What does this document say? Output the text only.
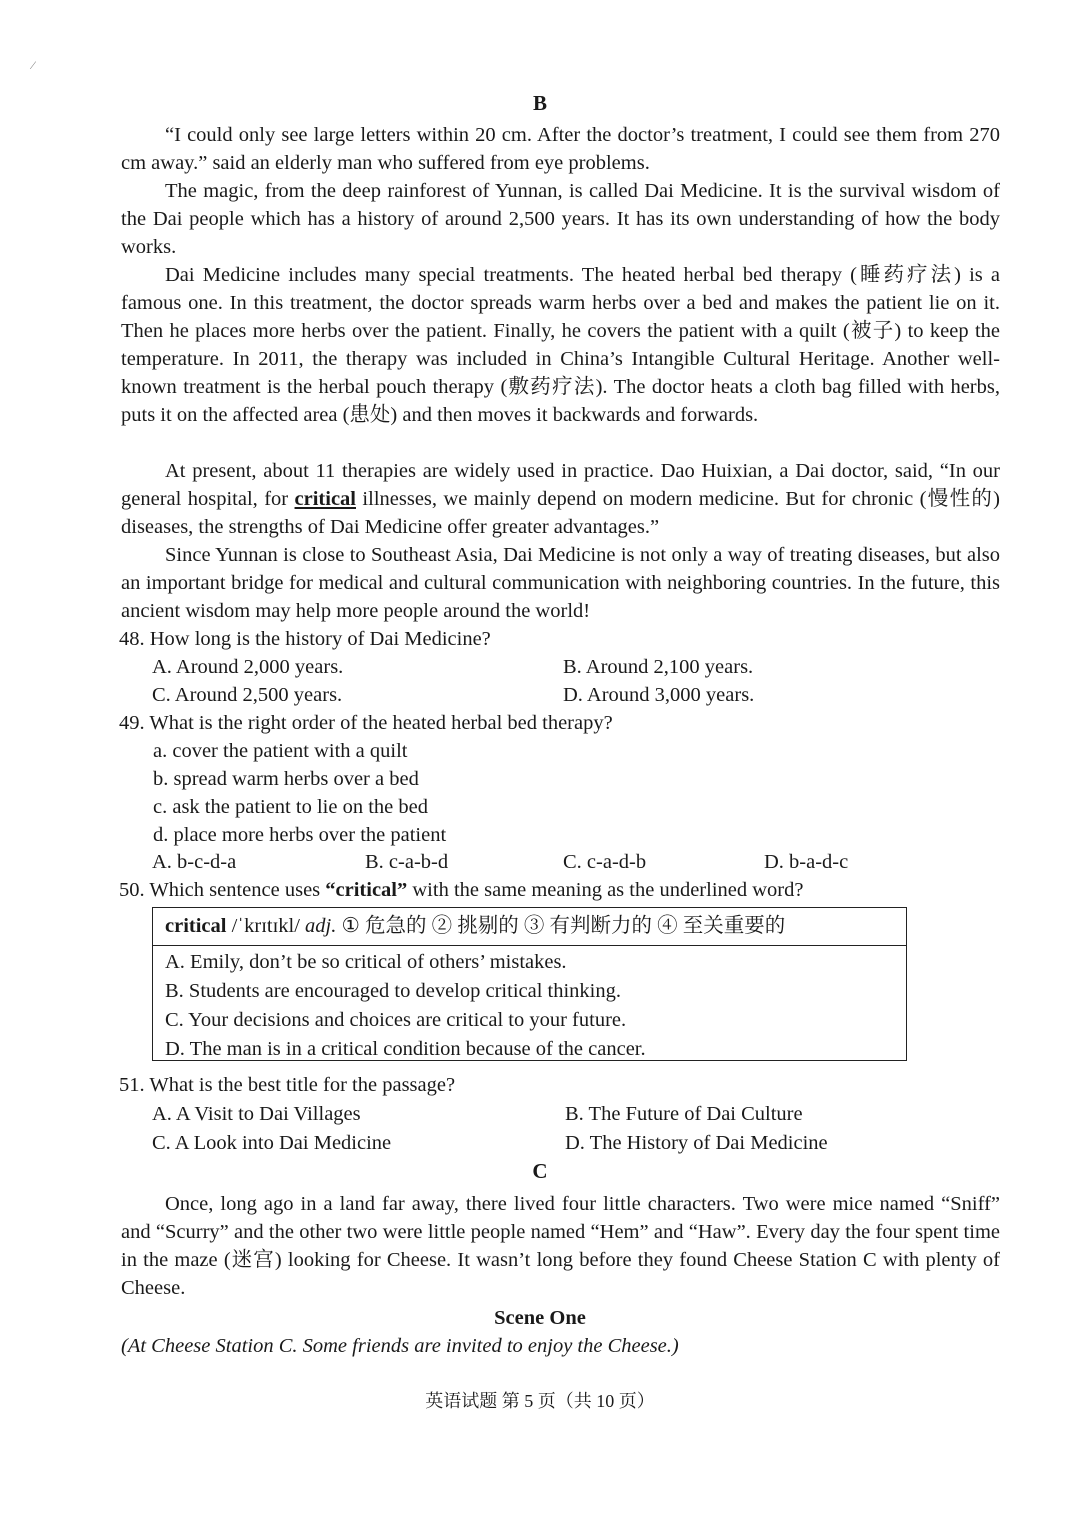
⁄
B

“I could only see large letters within 20 cm. After the doctor’s treatment, I could see them from 270 cm away.” said an elderly man who suffered from eye problems.

The magic, from the deep rainforest of Yunnan, is called Dai Medicine. It is the survival wisdom of the Dai people which has a history of around 2,500 years. It has its own understanding of how the body works.

Dai Medicine includes many special treatments. The heated herbal bed therapy (睡药疗法) is a famous one. In this treatment, the doctor spreads warm herbs over a bed and makes the patient lie on it. Then he places more herbs over the patient. Finally, he covers the patient with a quilt (被子) to keep the temperature. In 2011, the therapy was included in China’s Intangible Cultural Heritage. Another well-known treatment is the herbal pouch therapy (敷药疗法). The doctor heats a cloth bag filled with herbs, puts it on the affected area (患处) and then moves it backwards and forwards.

At present, about 11 therapies are widely used in practice. Dao Huixian, a Dai doctor, said, “In our general hospital, for critical illnesses, we mainly depend on modern medicine. But for chronic (慢性的) diseases, the strengths of Dai Medicine offer greater advantages.”

Since Yunnan is close to Southeast Asia, Dai Medicine is not only a way of treating diseases, but also an important bridge for medical and cultural communication with neighboring countries. In the future, this ancient wisdom may help more people around the world!

48. How long is the history of Dai Medicine?
A. Around 2,000 years.	B. Around 2,100 years.
C. Around 2,500 years.	D. Around 3,000 years.
49. What is the right order of the heated herbal bed therapy?
a. cover the patient with a quilt
b. spread warm herbs over a bed
c. ask the patient to lie on the bed
d. place more herbs over the patient
A. b-c-d-a	B. c-a-b-d	C. c-a-d-b	D. b-a-d-c
50. Which sentence uses “critical” with the same meaning as the underlined word?
critical /ˈkrɪtɪkl/ adj. ① 危急的 ② 挑剔的 ③ 有判断力的 ④ 至关重要的
A. Emily, don’t be so critical of others’ mistakes.
B. Students are encouraged to develop critical thinking.
C. Your decisions and choices are critical to your future.
D. The man is in a critical condition because of the cancer.
51. What is the best title for the passage?
A. A Visit to Dai Villages	B. The Future of Dai Culture
C. A Look into Dai Medicine	D. The History of Dai Medicine
C

Once, long ago in a land far away, there lived four little characters. Two were mice named “Sniff” and “Scurry” and the other two were little people named “Hem” and “Haw”. Every day the four spent time in the maze (迷宫) looking for Cheese. It wasn’t long before they found Cheese Station C with plenty of Cheese.

Scene One
(At Cheese Station C. Some friends are invited to enjoy the Cheese.)
英语试题 第 5 页（共 10 页）
